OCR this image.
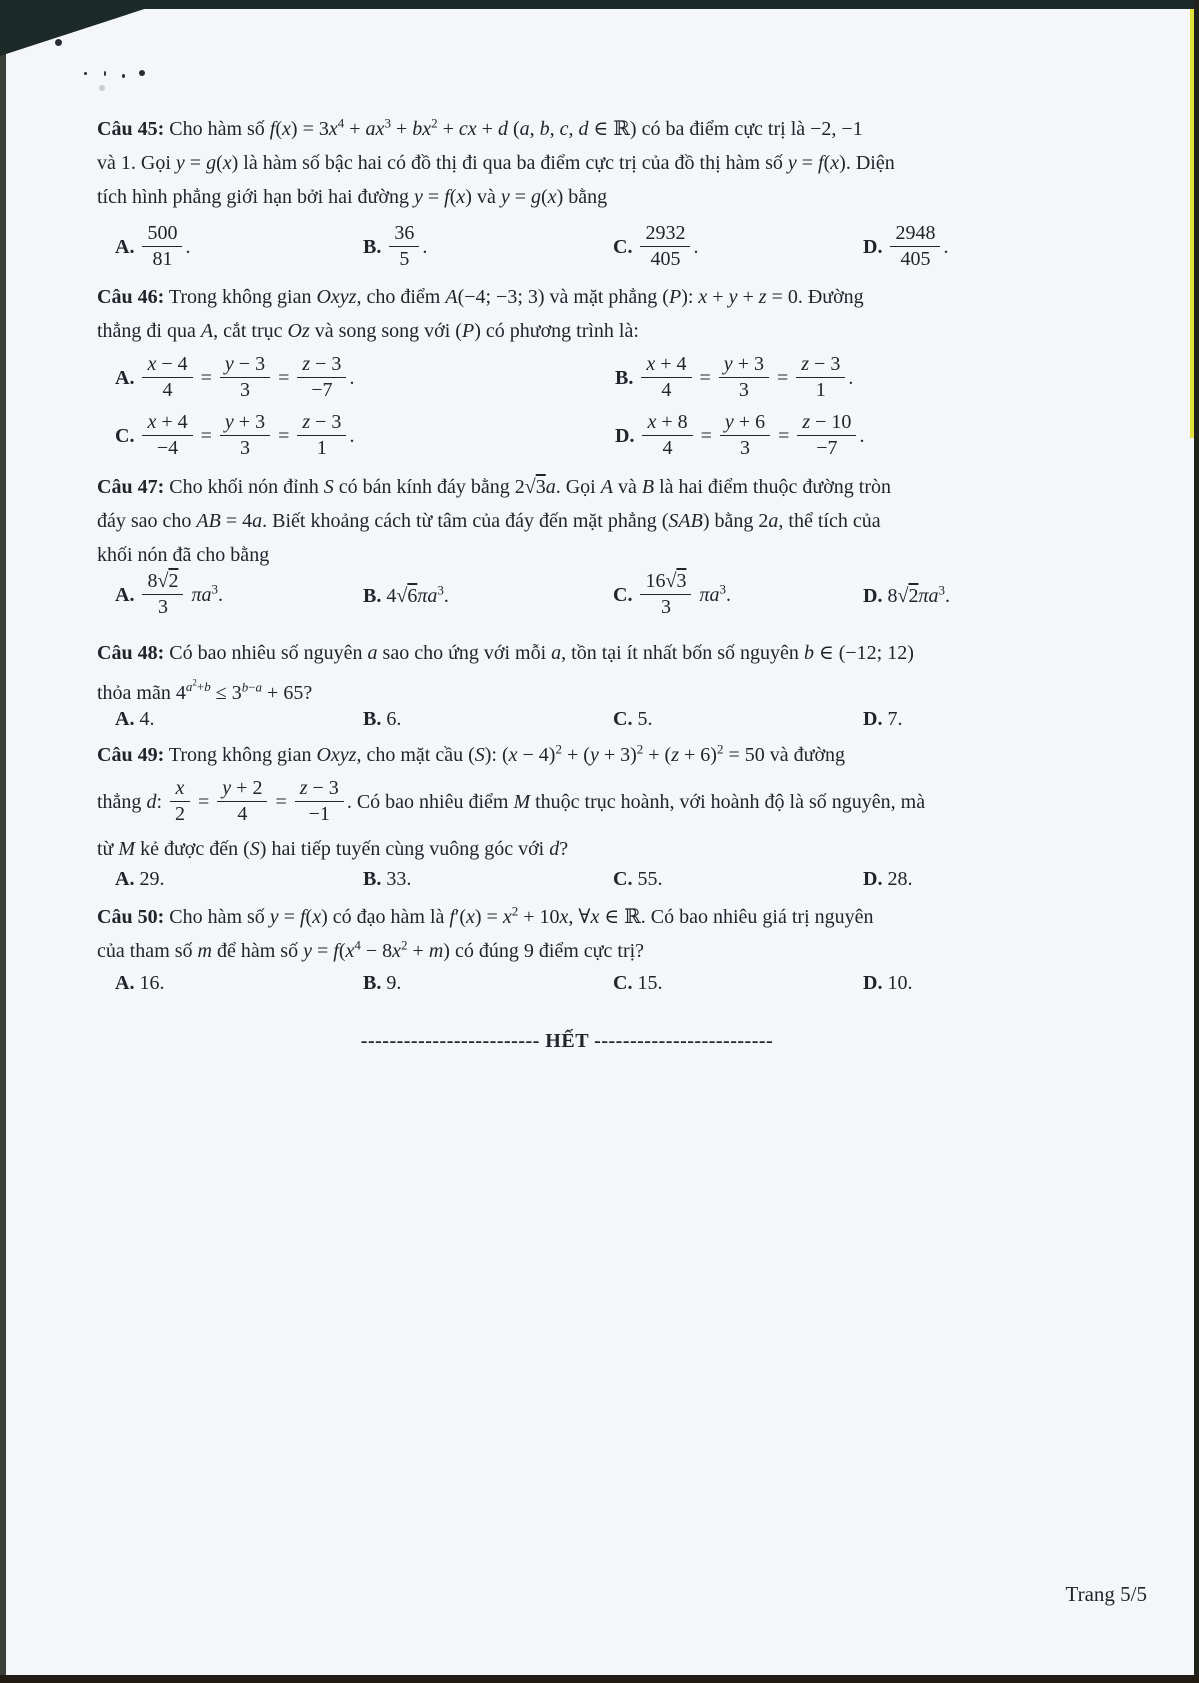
Câu 45: Cho hàm số $f(x) = 3x^4 + ax^3 + bx^2$ + cx + d (a, b, c, d ∈ ℝ) có ba điểm cực trị là −2, −1
và 1. Gọi y = g(x) là hàm số bậc hai có đồ thị đi qua ba điểm cực trị của đồ thị hàm số y = f(x). Diện
tích hình phẳng giới hạn bởi hai đường y = f(x) và y = g(x) bằng
A. $\frac{500}{81}$ .	B. $\frac{36}{5}$ .	C. $\frac{2932}{405}$ .	D. $\frac{2948}{405}$ .
Câu 46: Trong không gian Oxyz, cho điểm A(−4; −3; 3) và mặt phẳng (P): x + y + z = 0. Đường
thẳng đi qua A, cắt trục Oz và song song với (P) có phương trình là:
A. $\frac{x - 4}{4} = \frac{y - 3}{3} = \frac{z - 3}{-7}$ .	B. $\frac{x + 4}{4} = \frac{y + 3}{3} = \frac{z - 3}{1}$ .
C. $\frac{x + 4}{-4} = \frac{y + 3}{3} = \frac{z - 3}{1}$ .	D. $\frac{x + 8}{4} = \frac{y + 6}{3} = \frac{z - 10}{-7}$ .
Câu 47: Cho khối nón đỉnh S có bán kính đáy bằng 2√3a. Gọi A và B là hai điểm thuộc đường tròn
đáy sao cho AB = 4a. Biết khoảng cách từ tâm của đáy đến mặt phẳng (SAB) bằng 2a, thể tích của
khối nón đã cho bằng
A. $\frac{8√2}{3} \pi a^3$.	B. $4√6\pi a^3$.	C. $\frac{16√3}{3} \pi a^3$.	D. $8√2\pi a^3$.
Câu 48: Có bao nhiêu số nguyên a sao cho ứng với mỗi a, tồn tại ít nhất bốn số nguyên b ∈ (−12; 12)
thỏa mãn $4^{a^2+b} \le 3^{b-a} + 65$?
A. 4.	B. 6.	C. 5.	D. 7.
Câu 49: Trong không gian Oxyz, cho mặt cầu (S): $(x - 4)^2 + (y + 3)^2 + (z + 6)^2 = 50$ và đường
thẳng d: $\frac{x}{2} = \frac{y + 2}{4} = \frac{z - 3}{-1}$ . Có bao nhiêu điểm M thuộc trục hoành, với hoành độ là số nguyên, mà
từ M kẻ được đến (S) hai tiếp tuyến cùng vuông góc với d?
A. 29.	B. 33.	C. 55.	D. 28.
Câu 50: Cho hàm số y = f(x) có đạo hàm là $f'(x) = x^2 + 10x$, ∀x ∈ ℝ. Có bao nhiêu giá trị nguyên
của tham số m để hàm số $y = f(x^4 - 8x^2 + m)$ có đúng 9 điểm cực trị?
A. 16.	B. 9.	C. 15.	D. 10.
------------------------- HẾT -------------------------
Trang 5/5
